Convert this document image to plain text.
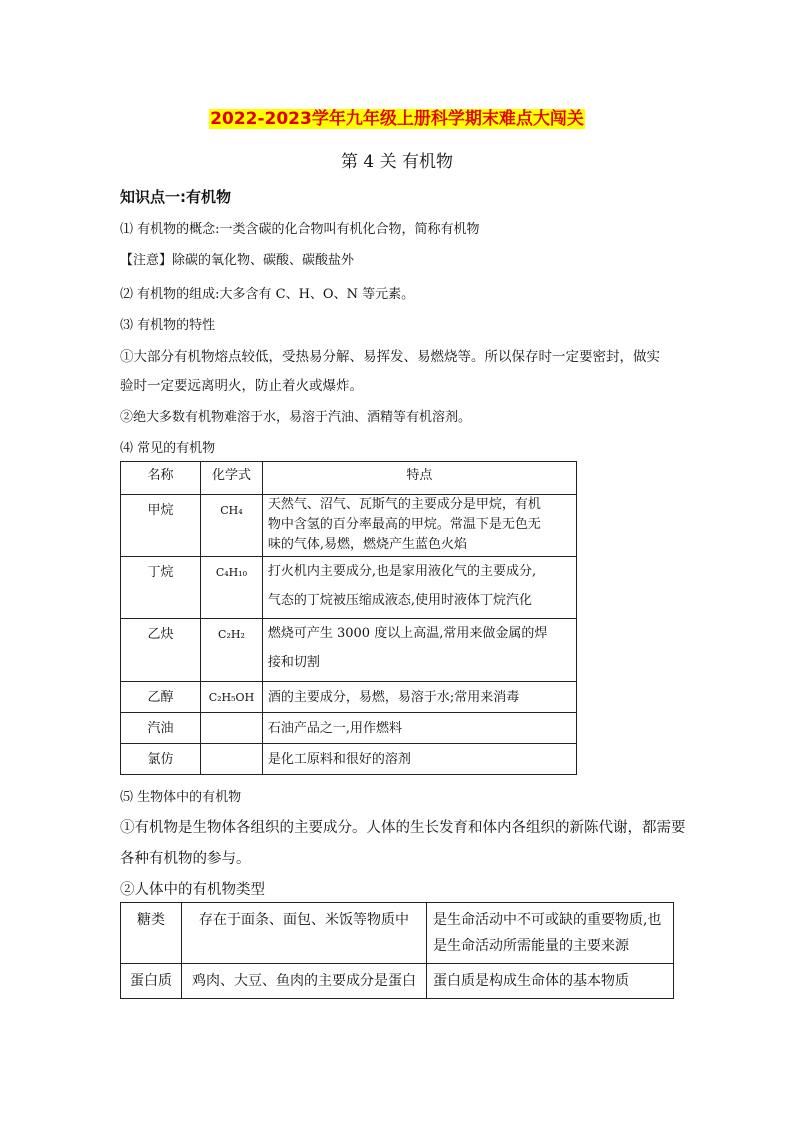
2022-2023学年九年级上册科学期末难点大闯关
第 4 关 有机物
知识点一:有机物
⑴ 有机物的概念:一类含碳的化合物叫有机化合物，简称有机物
【注意】除碳的氧化物、碳酸、碳酸盐外
⑵ 有机物的组成:大多含有 C、H、O、N 等元素。
⑶ 有机物的特性
①大部分有机物熔点较低，受热易分解、易挥发、易燃烧等。所以保存时一定要密封，做实
验时一定要远离明火，防止着火或爆炸。
②绝大多数有机物难溶于水，易溶于汽油、酒精等有机溶剂。
⑷ 常见的有机物
名称	化学式	特点
甲烷	CH₄	天然气、沼气、瓦斯气的主要成分是甲烷，有机
物中含氢的百分率最高的甲烷。常温下是无色无
味的气体,易燃，燃烧产生蓝色火焰

丁烷	C₄H₁₀	打火机内主要成分,也是家用液化气的主要成分,
气态的丁烷被压缩成液态,使用时液体丁烷汽化

乙炔	C₂H₂	燃烧可产生 3000 度以上高温,常用来做金属的焊
接和切割

乙醇	C₂H₅OH	酒的主要成分，易燃，易溶于水;常用来消毒

汽油		石油产品之一,用作燃料

氯仿		是化工原料和很好的溶剂
⑸ 生物体中的有机物
①有机物是生物体各组织的主要成分。人体的生长发育和体内各组织的新陈代谢，都需要
各种有机物的参与。
②人体中的有机物类型
糖类	存在于面条、面包、米饭等物质中	是生命活动中不可或缺的重要物质,也
是生命活动所需能量的主要来源

蛋白质	鸡肉、大豆、鱼肉的主要成分是蛋白	蛋白质是构成生命体的基本物质
